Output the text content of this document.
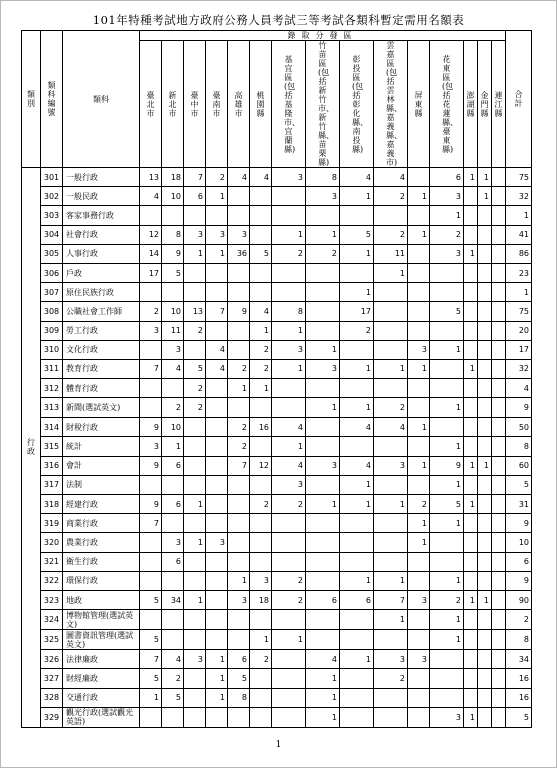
101年特種考試地方政府公務人員考試三等考試各類科暫定需用名額表
類別	類科編號	類科	錄取分發區															合計
			臺北市	新北市	臺中市	臺南市	高雄市	桃園縣	基宜區(包括基隆市、宜蘭縣)	竹苗區(包括新竹市、新竹縣、苗栗縣)	彰投區(包括彰化縣、南投縣)	雲嘉區(包括雲林縣、嘉義縣、嘉義市)	屏東縣	花東區(包括花蓮縣、臺東縣)	澎湖縣	金門縣	連江縣	
行政	301	一般行政	13	18	7	2	4	4	3	8	4	4		6	1	1		75
	302	一般民政	4	10	6	1				3	1	2	1	3		1		32
	303	客家事務行政												1				1
	304	社會行政	12	8	3	3	3		1	1	5	2	1	2				41
	305	人事行政	14	9	1	1	36	5	2	2	1	11		3	1			86
	306	戶政	17	5								1						23
	307	原住民族行政									1							1
	308	公職社會工作師	2	10	13	7	9	4	8		17			5				75
	309	勞工行政	3	11	2			1	1		2							20
	310	文化行政		3		4		2	3	1			3	1				17
	311	教育行政	7	4	5	4	2	2	1	3	1	1	1		1			32
	312	體育行政			2		1	1										4
	313	新聞(選試英文)		2	2					1	1	2		1				9
	314	財稅行政	9	10			2	16	4		4	4	1					50
	315	統計	3	1			2		1					1				8
	316	會計	9	6			7	12	4	3	4	3	1	9	1	1		60
	317	法制							3		1			1				5
	318	經建行政	9	6	1			2	2	1	1	1	2	5	1			31
	319	商業行政	7										1	1				9
	320	農業行政		3	1	3							1					10
	321	衛生行政		6														6
	322	環保行政					1	3	2		1	1		1				9
	323	地政	5	34	1		3	18	2	6	6	7	3	2	1	1		90
	324	博物館管理(選試英文)										1		1				2
	325	圖書資訊管理(選試英文)	5					1	1					1				8
	326	法律廉政	7	4	3	1	6	2		4	1	3	3					34
	327	財經廉政	5	2		1	5			1		2						16
	328	交通行政	1	5		1	8			1								16
	329	觀光行政(選試觀光英語)								1				3	1			5
1
